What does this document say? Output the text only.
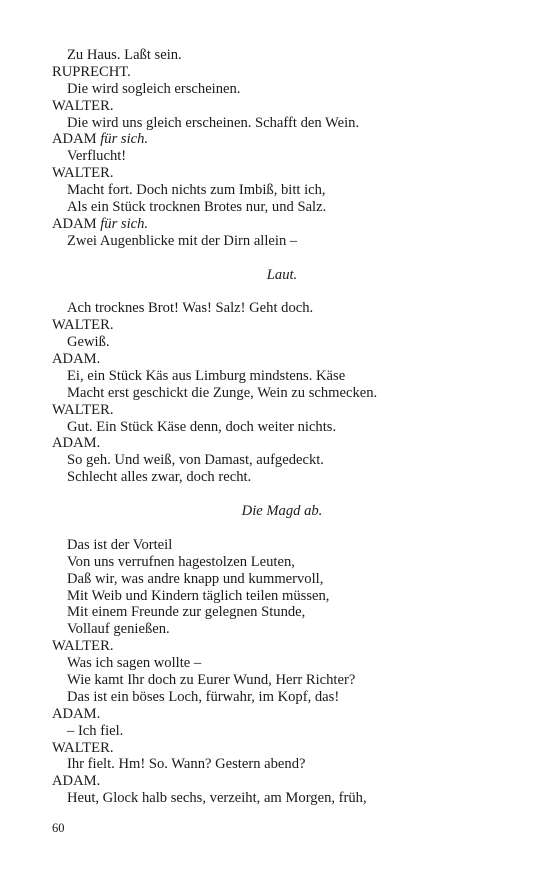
Zu Haus. Laßt sein.
RUPRECHT.
Die wird sogleich erscheinen.
WALTER.
Die wird uns gleich erscheinen. Schafft den Wein.
ADAM für sich.
Verflucht!
WALTER.
Macht fort. Doch nichts zum Imbiß, bitt ich,
Als ein Stück trocknen Brotes nur, und Salz.
ADAM für sich.
Zwei Augenblicke mit der Dirn allein –
Laut.
Ach trocknes Brot! Was! Salz! Geht doch.
WALTER.
Gewiß.
ADAM.
Ei, ein Stück Käs aus Limburg mindstens. Käse
Macht erst geschickt die Zunge, Wein zu schmecken.
WALTER.
Gut. Ein Stück Käse denn, doch weiter nichts.
ADAM.
So geh. Und weiß, von Damast, aufgedeckt.
Schlecht alles zwar, doch recht.
Die Magd ab.
Das ist der Vorteil
Von uns verrufnen hagestolzen Leuten,
Daß wir, was andre knapp und kummervoll,
Mit Weib und Kindern täglich teilen müssen,
Mit einem Freunde zur gelegnen Stunde,
Vollauf genießen.
WALTER.
Was ich sagen wollte –
Wie kamt Ihr doch zu Eurer Wund, Herr Richter?
Das ist ein böses Loch, fürwahr, im Kopf, das!
ADAM.
– Ich fiel.
WALTER.
Ihr fielt. Hm! So. Wann? Gestern abend?
ADAM.
Heut, Glock halb sechs, verzeiht, am Morgen, früh,
60
